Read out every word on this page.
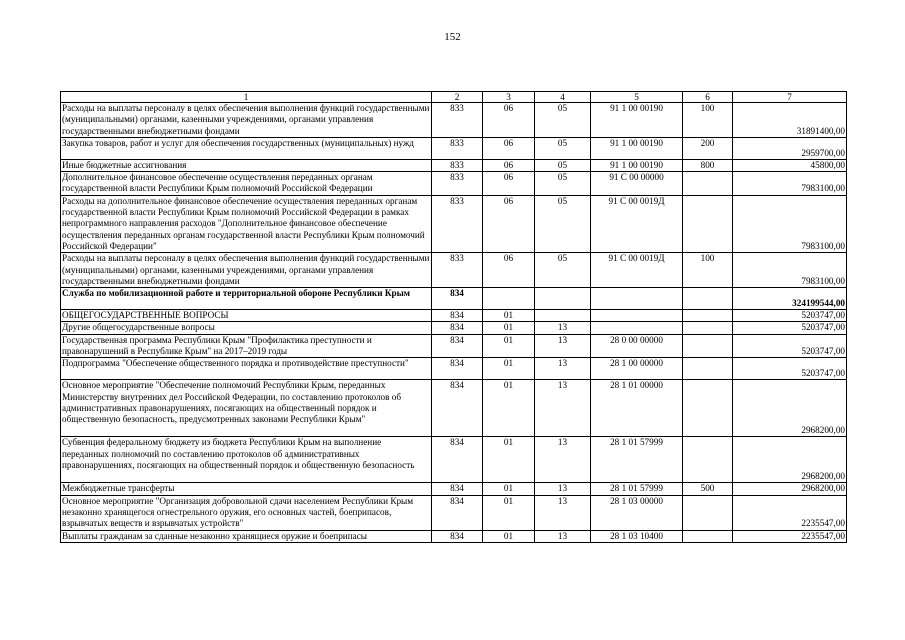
152
1	2	3	4	5	6	7
Расходы на выплаты персоналу в целях обеспечения выполнения функций государственными (муниципальными) органами, казенными учреждениями, органами управления государственными внебюджетными фондами	833	06	05	91 1 00 00190	100	31891400,00
Закупка товаров, работ и услуг для обеспечения государственных (муниципальных) нужд	833	06	05	91 1 00 00190	200	2959700,00
Иные бюджетные ассигнования	833	06	05	91 1 00 00190	800	45800,00
Дополнительное финансовое обеспечение осуществления переданных органам государственной власти Республики Крым полномочий Российской Федерации	833	06	05	91 С 00 00000		7983100,00
Расходы на дополнительное финансовое обеспечение осуществления переданных органам государственной власти Республики Крым полномочий Российской Федерации в рамках непрограммного направления расходов "Дополнительное финансовое обеспечение осуществления переданных органам государственной власти Республики Крым полномочий Российской Федерации"	833	06	05	91 С 00 0019Д		7983100,00
Расходы на выплаты персоналу в целях обеспечения выполнения функций государственными (муниципальными) органами, казенными учреждениями, органами управления государственными внебюджетными фондами	833	06	05	91 С 00 0019Д	100	7983100,00
Служба по мобилизационной работе и территориальной обороне Республики Крым	834					324199544,00
ОБЩЕГОСУДАРСТВЕННЫЕ ВОПРОСЫ	834	01				5203747,00
Другие общегосударственные вопросы	834	01	13			5203747,00
Государственная программа Республики Крым "Профилактика преступности и правонарушений в Республике Крым" на 2017–2019 годы	834	01	13	28 0 00 00000		5203747,00
Подпрограмма "Обеспечение общественного порядка и противодействие преступности"	834	01	13	28 1 00 00000		5203747,00
Основное мероприятие "Обеспечение полномочий Республики Крым, переданных Министерству внутренних дел Российской Федерации, по составлению протоколов об административных правонарушениях, посягающих на общественный порядок и общественную безопасность, предусмотренных законами Республики Крым"	834	01	13	28 1 01 00000		2968200,00
Субвенция федеральному бюджету из бюджета Республики Крым на выполнение переданных полномочий по составлению протоколов об административных правонарушениях, посягающих на общественный порядок и общественную безопасность	834	01	13	28 1 01 57999		2968200,00
Межбюджетные трансферты	834	01	13	28 1 01 57999	500	2968200,00
Основное мероприятие "Организация добровольной сдачи населением Республики Крым незаконно хранящегося огнестрельного оружия, его основных частей, боеприпасов, взрывчатых веществ и взрывчатых устройств"	834	01	13	28 1 03 00000		2235547,00
Выплаты гражданам за сданные незаконно хранящиеся оружие и боеприпасы	834	01	13	28 1 03 10400		2235547,00
